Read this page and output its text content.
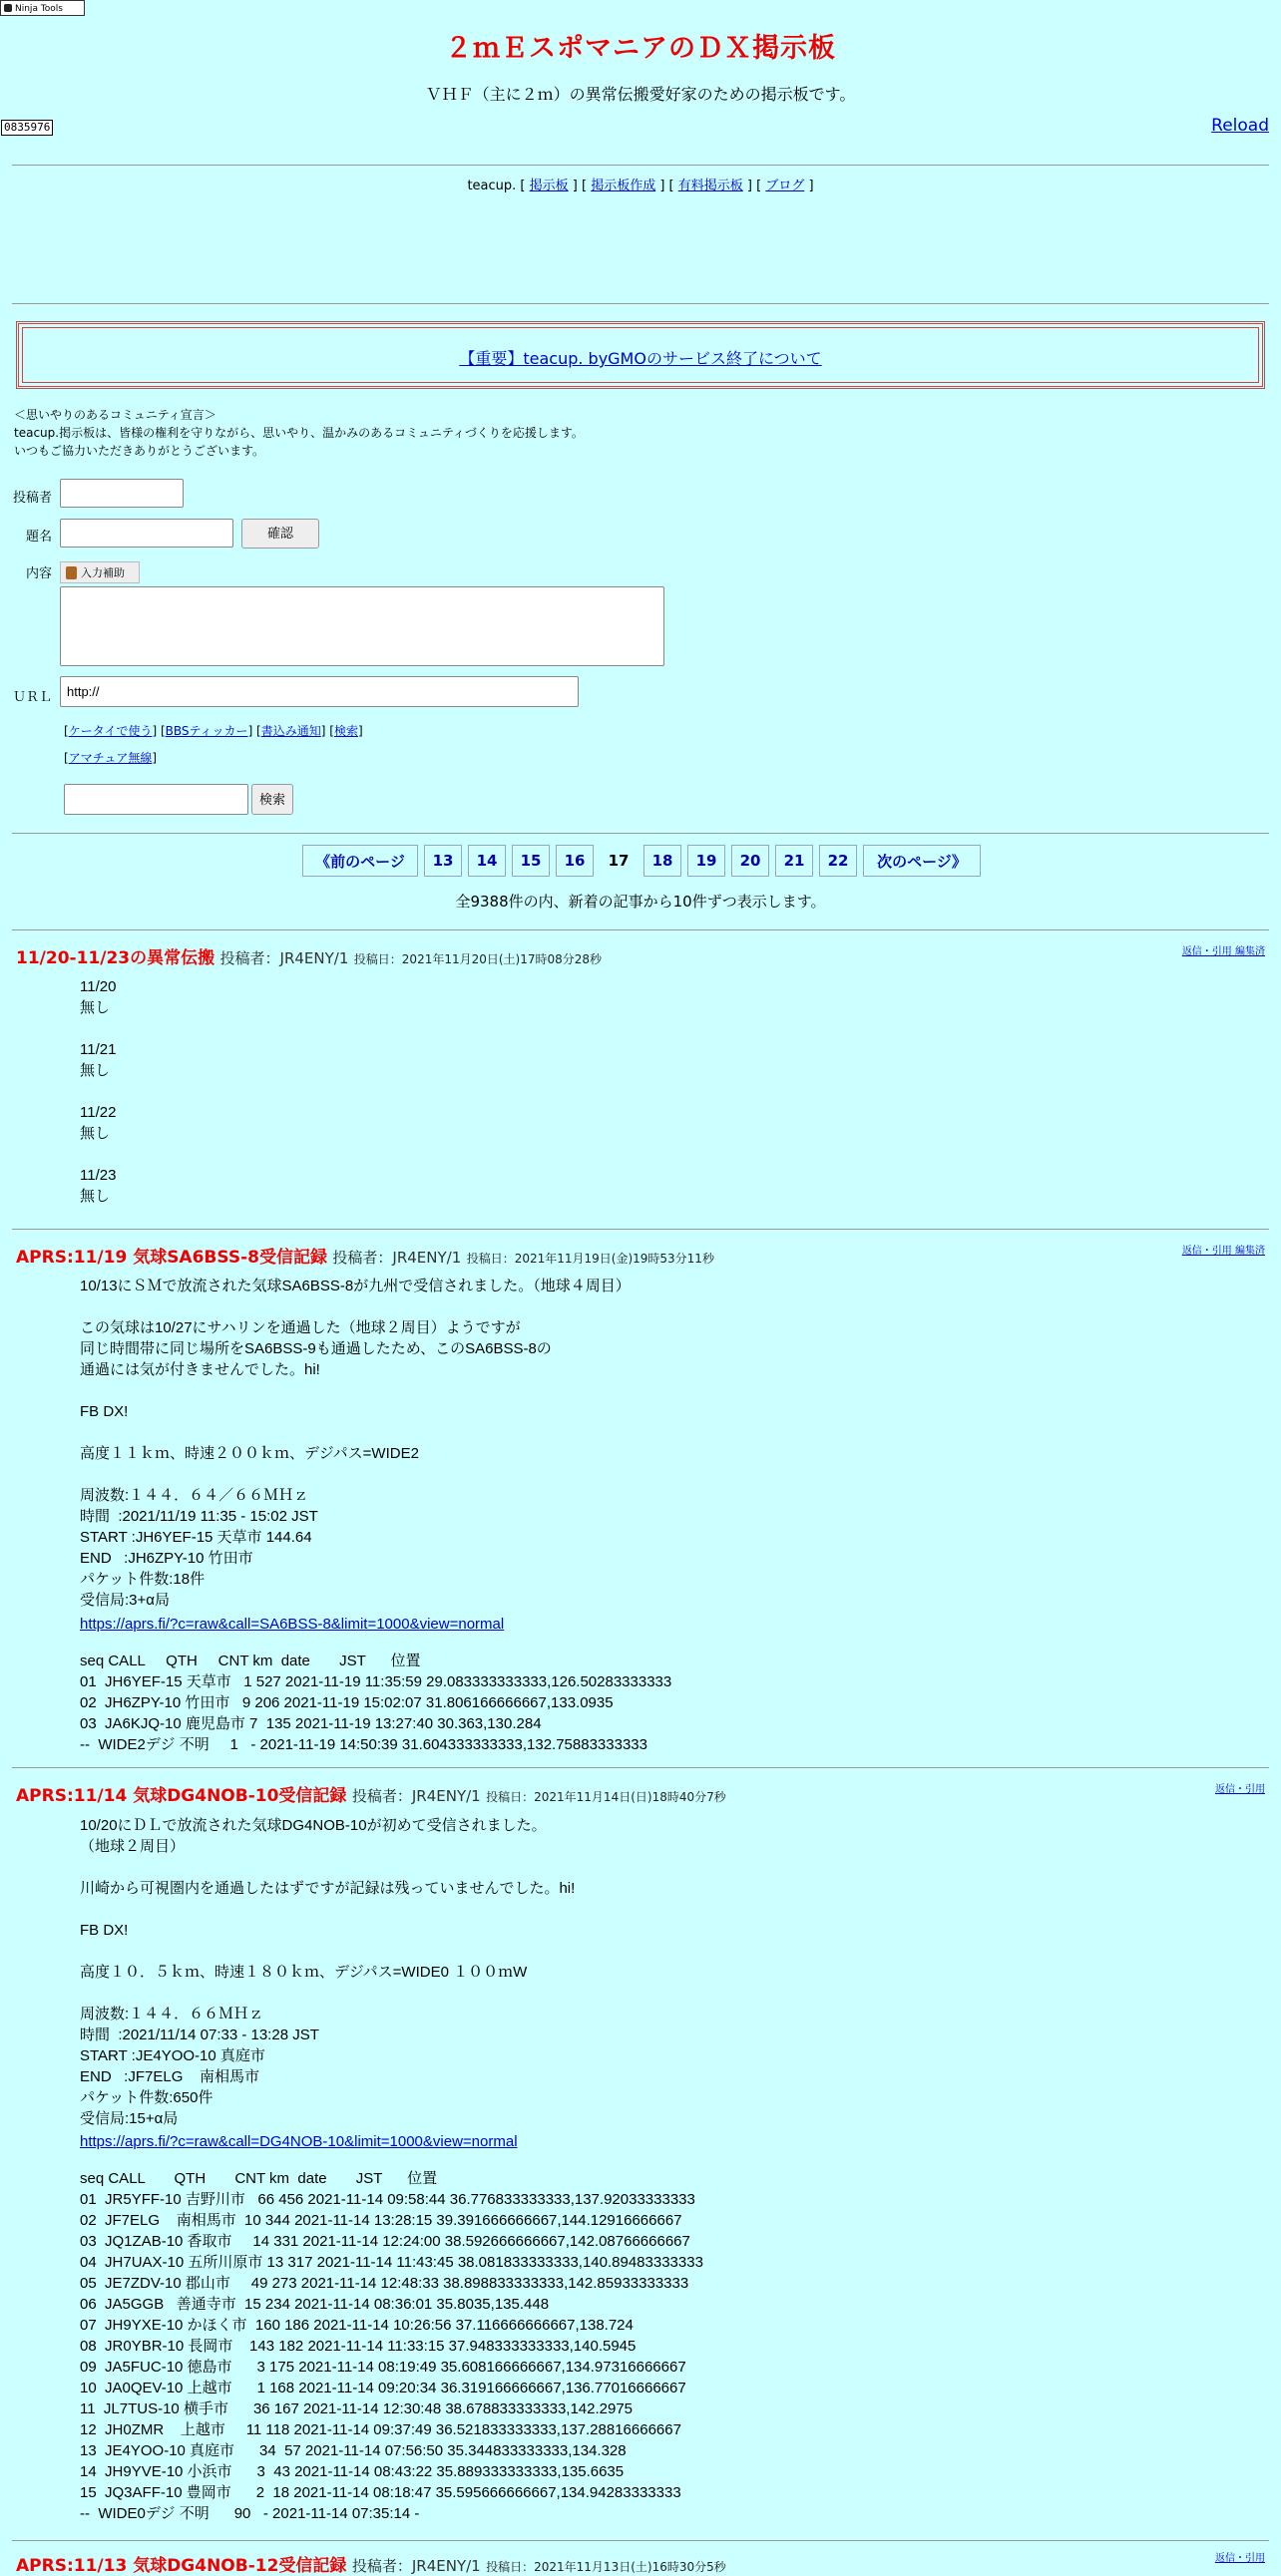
Ninja Tools
２ｍＥスポマニアのＤＸ掲示板
ＶＨＦ（主に２ｍ）の異常伝搬愛好家のための掲示板です。
0835976	Reload
teacup. [ 掲示板 ] [ 掲示板作成 ] [ 有料掲示板 ] [ ブログ ]
【重要】teacup. byGMOのサービス終了について
＜思いやりのあるコミュニティ宣言＞
teacup.掲示板は、皆様の権利を守りながら、思いやり、温かみのあるコミュニティづくりを応援します。
いつもご協力いただきありがとうございます。
投稿者
題名	確認
内容	入力補助
ＵＲＬ	http://
[ケータイで使う] [BBSティッカー] [書込み通知] [検索]
[アマチュア無線]
検索
《前のページ	13	14	15	16	17	18	19	20	21	22	次のページ》
全9388件の内、新着の記事から10件ずつ表示します。
11/20-11/23の異常伝搬 投稿者：JR4ENY/1 投稿日：2021年11月20日(土)17時08分28秒
返信・引用 編集済
11/20
無し

11/21
無し

11/22
無し

11/23
無し
APRS:11/19 気球SA6BSS-8受信記録 投稿者：JR4ENY/1 投稿日：2021年11月19日(金)19時53分11秒
返信・引用 編集済
10/13にＳＭで放流された気球SA6BSS-8が九州で受信されました。（地球４周目）

この気球は10/27にサハリンを通過した（地球２周目）ようですが
同じ時間帯に同じ場所をSA6BSS-9も通過したため、このSA6BSS-8の
通過には気が付きませんでした。hi!

FB DX!

高度１１ｋｍ、時速２００ｋｍ、デジパス=WIDE2

周波数:１４４．６４／６６ＭＨｚ
時間  :2021/11/19 11:35 - 15:02 JST
START :JH6YEF-15 天草市 144.64
END   :JH6ZPY-10 竹田市
パケット件数:18件
受信局:3+α局
https://aprs.fi/?c=raw&call=SA6BSS-8&limit=1000&view=normal
seq CALL     QTH     CNT km  date       JST      位置
01  JH6YEF-15 天草市   1 527 2021-11-19 11:35:59 29.083333333333,126.50283333333
02  JH6ZPY-10 竹田市   9 206 2021-11-19 15:02:07 31.806166666667,133.0935
03  JA6KJQ-10 鹿児島市 7  135 2021-11-19 13:27:40 30.363,130.284
--  WIDE2デジ 不明     1   - 2021-11-19 14:50:39 31.604333333333,132.75883333333
APRS:11/14 気球DG4NOB-10受信記録 投稿者：JR4ENY/1 投稿日：2021年11月14日(日)18時40分7秒
返信・引用
10/20にＤＬで放流された気球DG4NOB-10が初めて受信されました。
（地球２周目）

川崎から可視圏内を通過したはずですが記録は残っていませんでした。hi!

FB DX!

高度１０．５ｋｍ、時速１８０ｋｍ、デジパス=WIDE0 １００ｍW

周波数:１４４．６６ＭＨｚ
時間  :2021/11/14 07:33 - 13:28 JST
START :JE4YOO-10 真庭市
END   :JF7ELG    南相馬市
パケット件数:650件
受信局:15+α局
https://aprs.fi/?c=raw&call=DG4NOB-10&limit=1000&view=normal
seq CALL       QTH       CNT km  date       JST      位置
01  JR5YFF-10 吉野川市   66 456 2021-11-14 09:58:44 36.776833333333,137.92033333333
02  JF7ELG    南相馬市  10 344 2021-11-14 13:28:15 39.391666666667,144.12916666667
03  JQ1ZAB-10 香取市     14 331 2021-11-14 12:24:00 38.592666666667,142.08766666667
04  JH7UAX-10 五所川原市 13 317 2021-11-14 11:43:45 38.081833333333,140.89483333333
05  JE7ZDV-10 郡山市     49 273 2021-11-14 12:48:33 38.898833333333,142.85933333333
06  JA5GGB   善通寺市  15 234 2021-11-14 08:36:01 35.8035,135.448
07  JH9YXE-10 かほく市  160 186 2021-11-14 10:26:56 37.116666666667,138.724
08  JR0YBR-10 長岡市    143 182 2021-11-14 11:33:15 37.948333333333,140.5945
09  JA5FUC-10 徳島市      3 175 2021-11-14 08:19:49 35.608166666667,134.97316666667
10  JA0QEV-10 上越市      1 168 2021-11-14 09:20:34 36.319166666667,136.77016666667
11  JL7TUS-10 横手市      36 167 2021-11-14 12:30:48 38.678833333333,142.2975
12  JH0ZMR    上越市     11 118 2021-11-14 09:37:49 36.521833333333,137.28816666667
13  JE4YOO-10 真庭市      34  57 2021-11-14 07:56:50 35.344833333333,134.328
14  JH9YVE-10 小浜市      3  43 2021-11-14 08:43:22 35.889333333333,135.6635
15  JQ3AFF-10 豊岡市      2  18 2021-11-14 08:18:47 35.595666666667,134.94283333333
--  WIDE0デジ 不明      90   - 2021-11-14 07:35:14 -
APRS:11/13 気球DG4NOB-12受信記録 投稿者：JR4ENY/1 投稿日：2021年11月13日(土)16時30分5秒
返信・引用
